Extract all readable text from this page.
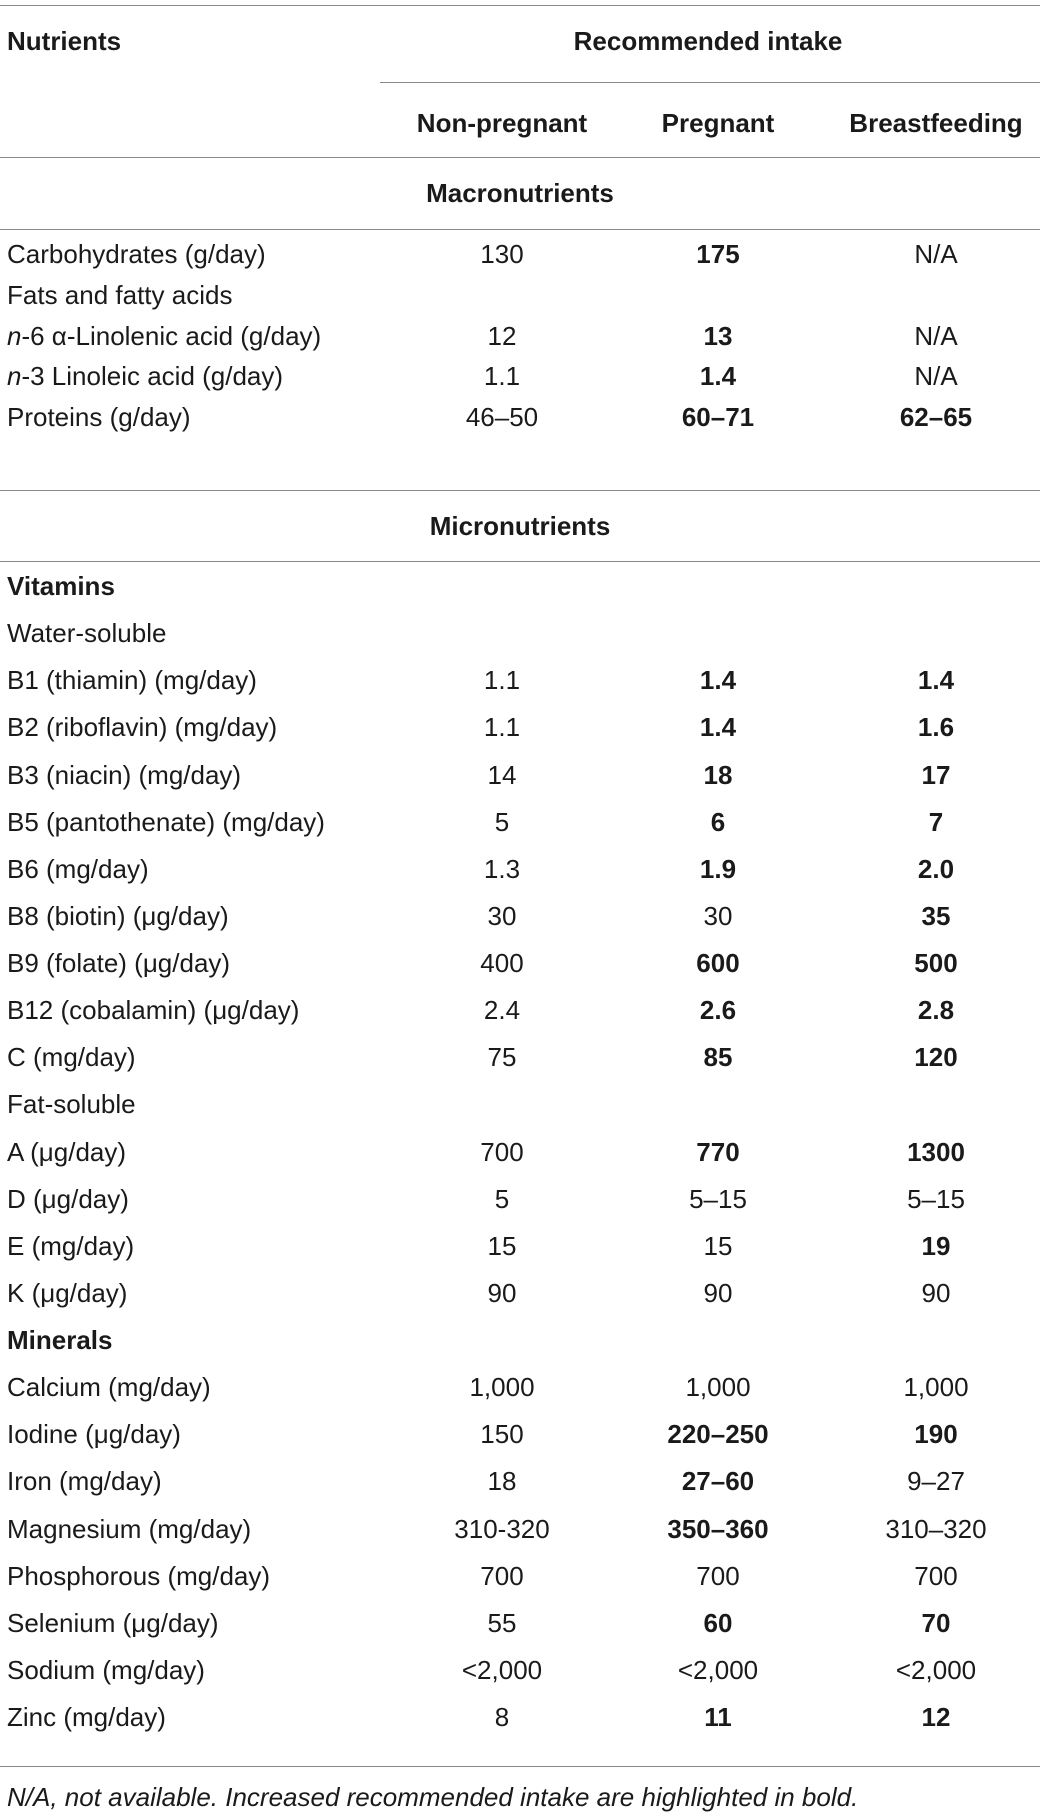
Nutrients	Recommended intake
Non-pregnant	Pregnant	Breastfeeding
Macronutrients
Carbohydrates (g/day)	130	175	N/A
Fats and fatty acids
n-6 α-Linolenic acid (g/day)	12	13	N/A
n-3 Linoleic acid (g/day)	1.1	1.4	N/A
Proteins (g/day)	46–50	60–71	62–65
Micronutrients
Vitamins
Water-soluble
B1 (thiamin) (mg/day)	1.1	1.4	1.4
B2 (riboflavin) (mg/day)	1.1	1.4	1.6
B3 (niacin) (mg/day)	14	18	17
B5 (pantothenate) (mg/day)	5	6	7
B6 (mg/day)	1.3	1.9	2.0
B8 (biotin) (μg/day)	30	30	35
B9 (folate) (μg/day)	400	600	500
B12 (cobalamin) (μg/day)	2.4	2.6	2.8
C (mg/day)	75	85	120
Fat-soluble
A (μg/day)	700	770	1300
D (μg/day)	5	5–15	5–15
E (mg/day)	15	15	19
K (μg/day)	90	90	90
Minerals
Calcium (mg/day)	1,000	1,000	1,000
Iodine (μg/day)	150	220–250	190
Iron (mg/day)	18	27–60	9–27
Magnesium (mg/day)	310-320	350–360	310–320
Phosphorous (mg/day)	700	700	700
Selenium (μg/day)	55	60	70
Sodium (mg/day)	<2,000	<2,000	<2,000
Zinc (mg/day)	8	11	12
N/A, not available. Increased recommended intake are highlighted in bold.
